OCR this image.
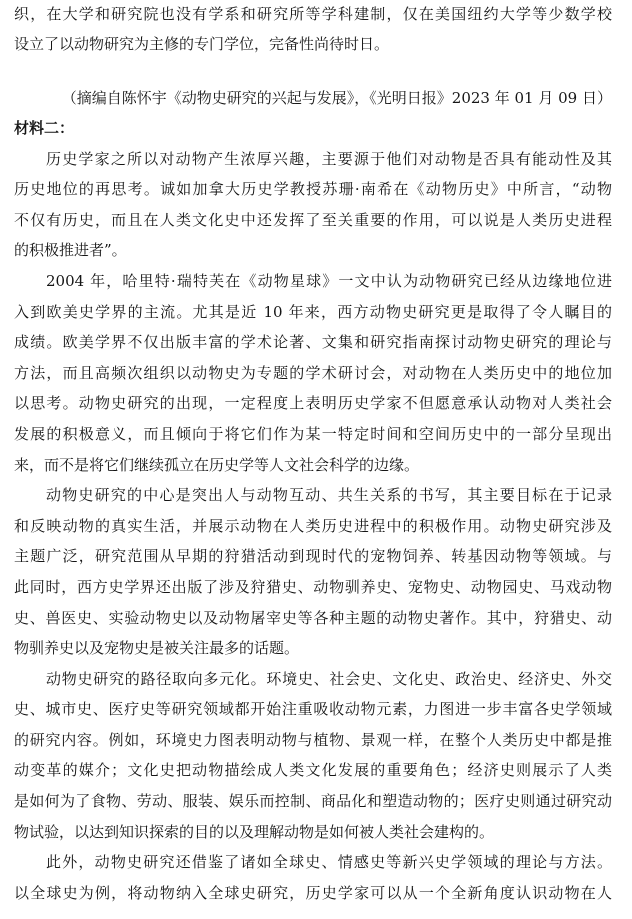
织，在大学和研究院也没有学系和研究所等学科建制，仅在美国纽约大学等少数学校
设立了以动物研究为主修的专门学位，完备性尚待时日。
（摘编自陈怀宇《动物史研究的兴起与发展》，《光明日报》2023 年 01 月 09 日）
材料二：
历史学家之所以对动物产生浓厚兴趣，主要源于他们对动物是否具有能动性及其
历史地位的再思考。诚如加拿大历史学教授苏珊·南希在《动物历史》中所言，“动物
不仅有历史，而且在人类文化史中还发挥了至关重要的作用，可以说是人类历史进程
的积极推进者”。
2004 年，哈里特·瑞特芙在《动物星球》一文中认为动物研究已经从边缘地位进
入到欧美史学界的主流。尤其是近 10 年来，西方动物史研究更是取得了令人瞩目的
成绩。欧美学界不仅出版丰富的学术论著、文集和研究指南探讨动物史研究的理论与
方法，而且高频次组织以动物史为专题的学术研讨会，对动物在人类历史中的地位加
以思考。动物史研究的出现，一定程度上表明历史学家不但愿意承认动物对人类社会
发展的积极意义，而且倾向于将它们作为某一特定时间和空间历史中的一部分呈现出
来，而不是将它们继续孤立在历史学等人文社会科学的边缘。
动物史研究的中心是突出人与动物互动、共生关系的书写，其主要目标在于记录
和反映动物的真实生活，并展示动物在人类历史进程中的积极作用。动物史研究涉及
主题广泛，研究范围从早期的狩猎活动到现时代的宠物饲养、转基因动物等领域。与
此同时，西方史学界还出版了涉及狩猎史、动物驯养史、宠物史、动物园史、马戏动物
史、兽医史、实验动物史以及动物屠宰史等各种主题的动物史著作。其中，狩猎史、动
物驯养史以及宠物史是被关注最多的话题。
动物史研究的路径取向多元化。环境史、社会史、文化史、政治史、经济史、外交
史、城市史、医疗史等研究领域都开始注重吸收动物元素，力图进一步丰富各史学领域
的研究内容。例如，环境史力图表明动物与植物、景观一样，在整个人类历史中都是推
动变革的媒介；文化史把动物描绘成人类文化发展的重要角色；经济史则展示了人类
是如何为了食物、劳动、服装、娱乐而控制、商品化和塑造动物的；医疗史则通过研究动
物试验，以达到知识探索的目的以及理解动物是如何被人类社会建构的。
此外，动物史研究还借鉴了诸如全球史、情感史等新兴史学领域的理论与方法。
以全球史为例，将动物纳入全球史研究，历史学家可以从一个全新角度认识动物在人
